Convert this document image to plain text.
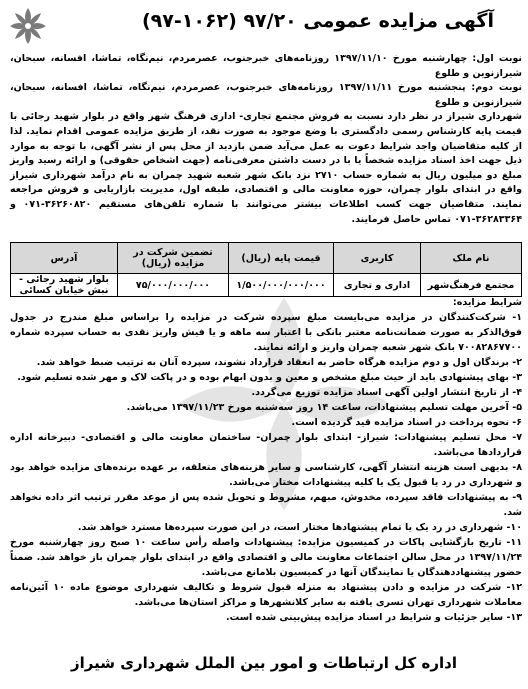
آگهی مزایده عمومی ۹۷/۲۰ (۱۰۶۲-۹۷)

نوبت اول: چهارشنبه مورخ ۱۳۹۷/۱۱/۱۰ روزنامه‌های خبرجنوب، عصرمردم، نیم‌نگاه، تماشا، افسانه، سبحان، شیرازنوین و طلوع

نوبت دوم: پنجشنبه مورخ ۱۳۹۷/۱۱/۱۱ روزنامه‌های خبرجنوب، عصرمردم، نیم‌نگاه، تماشا، افسانه، سبحان، شیرازنوین و طلوع

شهرداری شیراز در نظر دارد نسبت به فروش مجتمع تجاری- اداری فرهنگ شهر واقع در بلوار شهید رجائی با قیمت پایه کارشناس رسمی دادگستری با وضع موجود به صورت نقد، از طریق مزایده عمومی اقدام نماید. لذا از کلیه متقاضیان واجد شرایط دعوت به عمل می‌آید ضمن بازدید از محل پس از نشر آگهی، با توجه به موارد ذیل جهت اخذ اسناد مزایده شخصاً یا با در دست داشتن معرفی‌نامه (جهت اشخاص حقوقی) و ارائه رسید واریز مبلغ دو میلیون ریال به شماره حساب ۲۷۱۰ نزد بانک شهر شعبه شهید چمران به نام درآمد شهرداری شیراز واقع در ابتدای بلوار چمران، حوزه معاونت مالی و اقتصادی، طبقه اول، مدیریت بازاریابی و فروش مراجعه نمایند. متقاضیان جهت کسب اطلاعات بیشتر می‌توانند با شماره تلفن‌های مستقیم ۳۶۲۶۰۸۲۰-۰۷۱ و ۳۶۲۸۳۳۶۴-۰۷۱ تماس حاصل فرمایند.

نام ملک	کاربری	قیمت پایه (ریال)	تضمین شرکت در مزایده (ریال)	آدرس
مجتمع فرهنگ‌شهر	اداری و تجاری	۱/۵۰۰/۰۰۰/۰۰۰/۰۰۰	۷۵/۰۰۰/۰۰۰/۰۰۰	بلوار شهید رجائی - نبش خیابان کسائی

شرایط مزایده:

۱- شرکت‌کنندگان در مزایده می‌بایست مبلغ سپرده شرکت در مزایده را براساس مبلغ مندرج در جدول فوق‌الذکر به صورت ضمانت‌نامه معتبر بانکی با اعتبار سه ماهه و یا فیش واریز نقدی به حساب سپرده شماره ۷۰۰۸۲۸۶۷۷۰۰ بانک شهر شعبه چمران واریز و ارائه نمایند.

۲- برندگان اول و دوم مزایده هرگاه حاضر به انعقاد قرارداد نشوند، سپرده آنان به ترتیب ضبط خواهد شد.

۳- بهای پیشنهادی باید از حیث مبلغ مشخص و معین و بدون ابهام بوده و در پاکت لاک و مهر شده تسلیم شود.

۴- از تاریخ انتشار اولین آگهی اسناد مزایده توزیع می‌گردد.

۵- آخرین مهلت تسلیم پیشنهادات، ساعت ۱۴ روز سه‌شنبه مورخ ۱۳۹۷/۱۱/۲۳ می‌باشد.

۶- نحوه پرداخت در اسناد مزایده قید گردیده است.

۷- محل تسلیم پیشنهادات: شیراز- ابتدای بلوار چمران- ساختمان معاونت مالی و اقتصادی- دبیرخانه اداره قراردادها می‌باشد.

۸- بدیهی است هزینه انتشار آگهی، کارشناسی و سایر هزینه‌های متعلقه، بر عهده برنده‌های مزایده خواهد بود و شهرداری در رد یا قبول یک یا کلیه پیشنهادات مختار می‌باشد.

۹- به پیشنهادات فاقد سپرده، مخدوش، مبهم، مشروط و تحویل شده پس از موعد مقرر ترتیب اثر داده نخواهد شد.

۱۰- شهرداری در رد یک یا تمام پیشنهادها مختار است، در این صورت سپرده‌ها مسترد خواهد شد.

۱۱- تاریخ بازگشایی پاکات در کمیسیون مزایده: پیشنهادات واصله رأس ساعت ۱۰ صبح روز چهارشنبه مورخ ۱۳۹۷/۱۱/۲۴ در محل سالن اجتماعات معاونت مالی و اقتصادی واقع در ابتدای بلوار چمران باز خواهد شد. ضمناً حضور پیشنهاددهندگان یا نمایندگان آنها در کمیسیون بلامانع می‌باشد.

۱۲- شرکت در مزایده و دادن پیشنهاد به منزله قبول شروط و تکالیف شهرداری موضوع ماده ۱۰ آئین‌نامه معاملات شهرداری تهران تسری یافته به سایر کلانشهرها و مراکز استان‌ها می‌باشد.

۱۳- سایر جزئیات و شرایط در اسناد مزایده پیش‌بینی شده است.

اداره کل ارتباطات و امور بین الملل شهرداری شیراز
